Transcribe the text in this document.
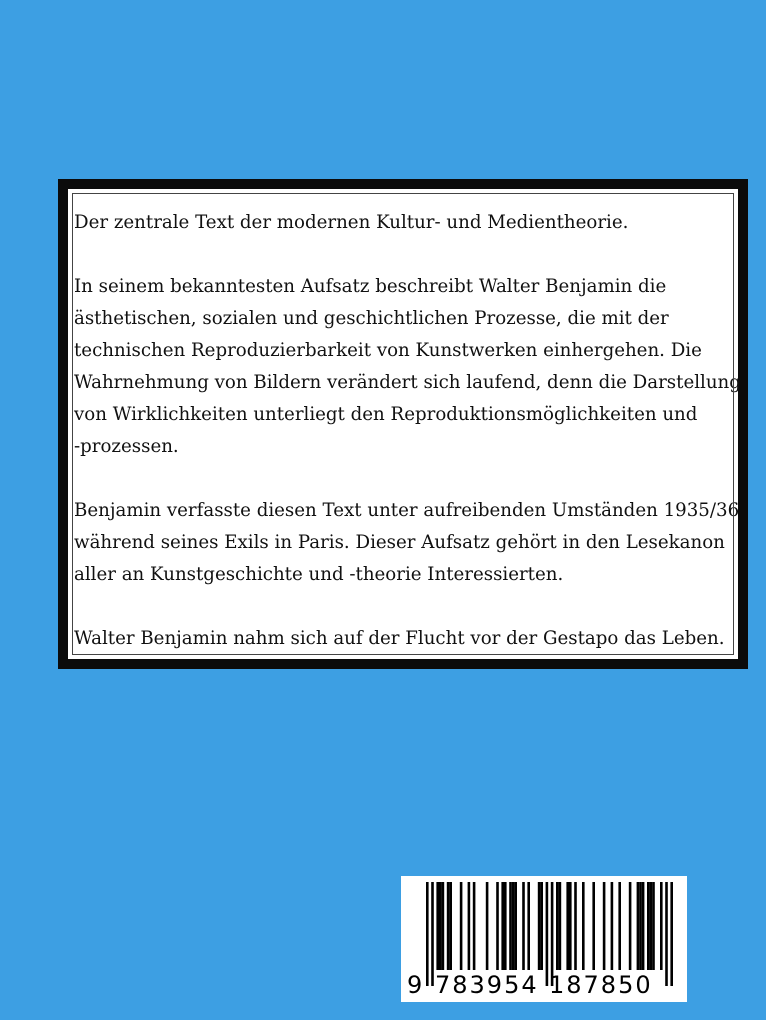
Der zentrale Text der modernen Kultur- und Medientheorie.

In seinem bekanntesten Aufsatz beschreibt Walter Benjamin die

ästhetischen, sozialen und geschichtlichen Prozesse, die mit der

technischen Reproduzierbarkeit von Kunstwerken einhergehen. Die

Wahrnehmung von Bildern verändert sich laufend, denn die Darstellung

von Wirklichkeiten unterliegt den Reproduktionsmöglichkeiten und

-prozessen.

Benjamin verfasste diesen Text unter aufreibenden Umständen 1935/36

während seines Exils in Paris. Dieser Aufsatz gehört in den Lesekanon

aller an Kunstgeschichte und -theorie Interessierten.

Walter Benjamin nahm sich auf der Flucht vor der Gestapo das Leben.

9 783954 187850
